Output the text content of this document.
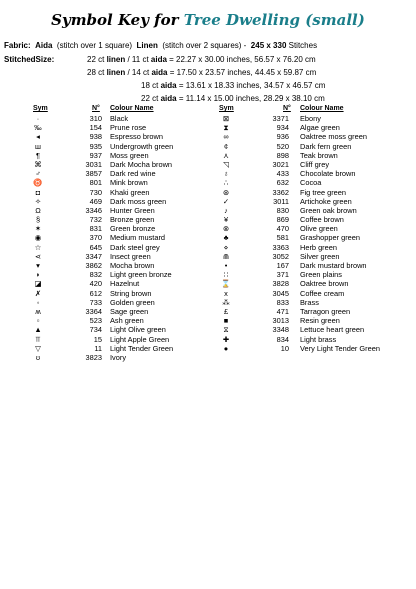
Symbol Key for Tree Dwelling (small)
Fabric: Aida (stitch over 1 square) Linen (stitch over 2 squares) - 245 x 330 Stitches
StitchedSize:	22 ct linen / 11 ct aida = 22.27 x 30.00 inches, 56.57 x 76.20 cm
28 ct linen / 14 ct aida = 17.50 x 23.57 inches, 44.45 x 59.87 cm
18 ct aida = 13.61 x 18.33 inches, 34.57 x 46.57 cm
22 ct aida = 11.14 x 15.00 inches, 28.29 x 38.10 cm
Sym	N° Colour Name	Sym	N° Colour Name
·	310 Black
‰	154 Prune rose
◂	938 Espresso brown
ш	935 Undergrowth green
¶	937 Moss green
⌘	3031 Dark Mocha brown
♂	3857 Dark red wine
♉	801 Mink brown
◘	730 Khaki green
✧	469 Dark moss green
Ω	3346 Hunter Green
§	732 Bronze green
✶	831 Green bronze
◉	370 Medium mustard
☆	645 Dark steel grey
⋖	3347 Insect green
▾	3862 Mocha brown
◗	832 Light green bronze
◪	420 Hazelnut
✗	612 String brown
◦	733 Golden green
ʍ	3364 Sage green
▫	523 Ash green
▲	734 Light Olive green
⫪	15 Light Apple Green
▽	11 Light Tender Green
ʊ	3823 Ivory
⊠	3371 Ebony
⧗	934 Algae green
∞	936 Oaktree moss green
¢	520 Dark fern green
⋏	898 Teak brown
◹	3021 Cliff grey
♁	433 Chocolate brown
∴	632 Cocoa
⊛	3362 Fig tree green
✓	3011 Artichoke green
♪	830 Green oak brown
¥	869 Coffee brown
⊗	470 Olive green
♣	581 Grashopper green
⋄	3363 Herb green
⋒	3052 Silver green
•	167 Dark mustard brown
∷	371 Green plains
⌛	3828 Oaktree brown
x	3045 Coffee cream
⁂	833 Brass
£	471 Tarragon green
■	3013 Resin green
⧖	3348 Lettuce heart green
✚	834 Light brass
●	10 Very Light Tender Green
